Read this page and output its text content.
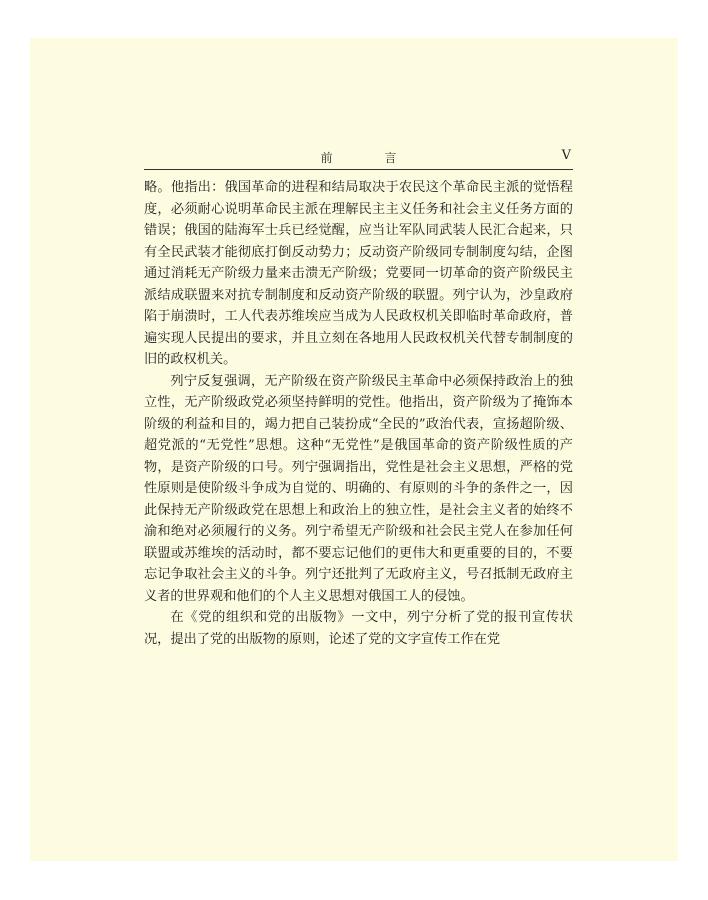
前 言	V

略。他指出：俄国革命的进程和结局取决于农民这个革命民主派的觉悟程度，必须耐心说明革命民主派在理解民主主义任务和社会主义任务方面的错误；俄国的陆海军士兵已经觉醒，应当让军队同武装人民汇合起来，只有全民武装才能彻底打倒反动势力；反动资产阶级同专制制度勾结，企图通过消耗无产阶级力量来击溃无产阶级；党要同一切革命的资产阶级民主派结成联盟来对抗专制制度和反动资产阶级的联盟。列宁认为，沙皇政府陷于崩溃时，工人代表苏维埃应当成为人民政权机关即临时革命政府，普遍实现人民提出的要求，并且立刻在各地用人民政权机关代替专制制度的旧的政权机关。

列宁反复强调，无产阶级在资产阶级民主革命中必须保持政治上的独立性，无产阶级政党必须坚持鲜明的党性。他指出，资产阶级为了掩饰本阶级的利益和目的，竭力把自己装扮成“全民的”政治代表，宣扬超阶级、超党派的“无党性”思想。这种“无党性”是俄国革命的资产阶级性质的产物，是资产阶级的口号。列宁强调指出，党性是社会主义思想，严格的党性原则是使阶级斗争成为自觉的、明确的、有原则的斗争的条件之一，因此保持无产阶级政党在思想上和政治上的独立性，是社会主义者的始终不渝和绝对必须履行的义务。列宁希望无产阶级和社会民主党人在参加任何联盟或苏维埃的活动时，都不要忘记他们的更伟大和更重要的目的，不要忘记争取社会主义的斗争。列宁还批判了无政府主义，号召抵制无政府主义者的世界观和他们的个人主义思想对俄国工人的侵蚀。

在《党的组织和党的出版物》一文中，列宁分析了党的报刊宣传状况，提出了党的出版物的原则，论述了党的文字宣传工作在党
